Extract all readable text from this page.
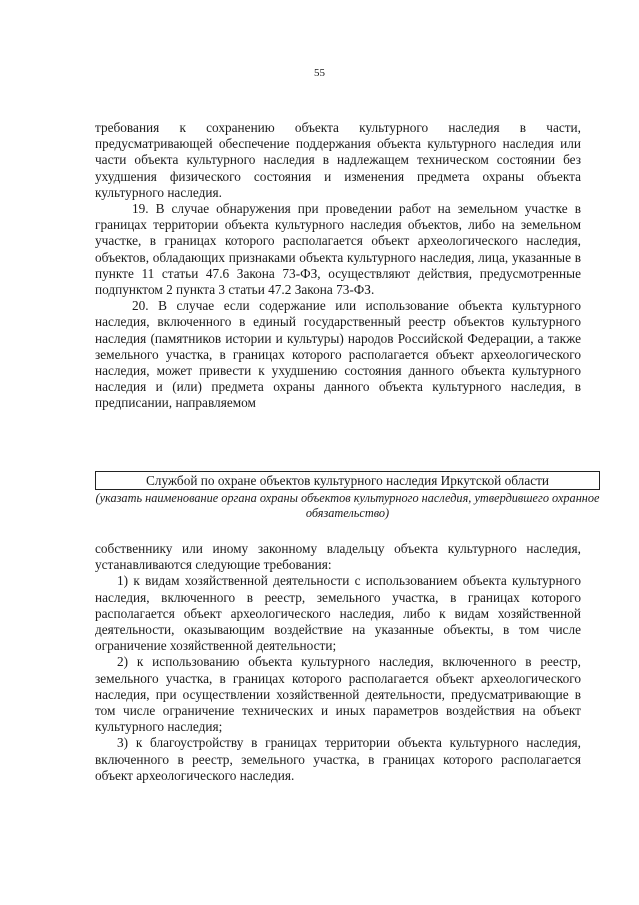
55

требования к сохранению объекта культурного наследия в части, предусматривающей обеспечение поддержания объекта культурного наследия или части объекта культурного наследия в надлежащем техническом состоянии без ухудшения физического состояния и изменения предмета охраны объекта культурного наследия.

19. В случае обнаружения при проведении работ на земельном участке в границах территории объекта культурного наследия объектов, либо на земельном участке, в границах которого располагается объект археологического наследия, объектов, обладающих признаками объекта культурного наследия, лица, указанные в пункте 11 статьи 47.6 Закона 73-ФЗ, осуществляют действия, предусмотренные подпунктом 2 пункта 3 статьи 47.2 Закона 73-ФЗ.

20. В случае если содержание или использование объекта культурного наследия, включенного в единый государственный реестр объектов культурного наследия (памятников истории и культуры) народов Российской Федерации, а также земельного участка, в границах которого располагается объект археологического наследия, может привести к ухудшению состояния данного объекта культурного наследия и (или) предмета охраны данного объекта культурного наследия, в предписании, направляемом

Службой по охране объектов культурного наследия Иркутской области
(указать наименование органа охраны объектов культурного наследия, утвердившего охранное обязательство)

собственнику или иному законному владельцу объекта культурного наследия, устанавливаются следующие требования:

1) к видам хозяйственной деятельности с использованием объекта культурного наследия, включенного в реестр, земельного участка, в границах которого располагается объект археологического наследия, либо к видам хозяйственной деятельности, оказывающим воздействие на указанные объекты, в том числе ограничение хозяйственной деятельности;

2) к использованию объекта культурного наследия, включенного в реестр, земельного участка, в границах которого располагается объект археологического наследия, при осуществлении хозяйственной деятельности, предусматривающие в том числе ограничение технических и иных параметров воздействия на объект культурного наследия;

3) к благоустройству в границах территории объекта культурного наследия, включенного в реестр, земельного участка, в границах которого располагается объект археологического наследия.
